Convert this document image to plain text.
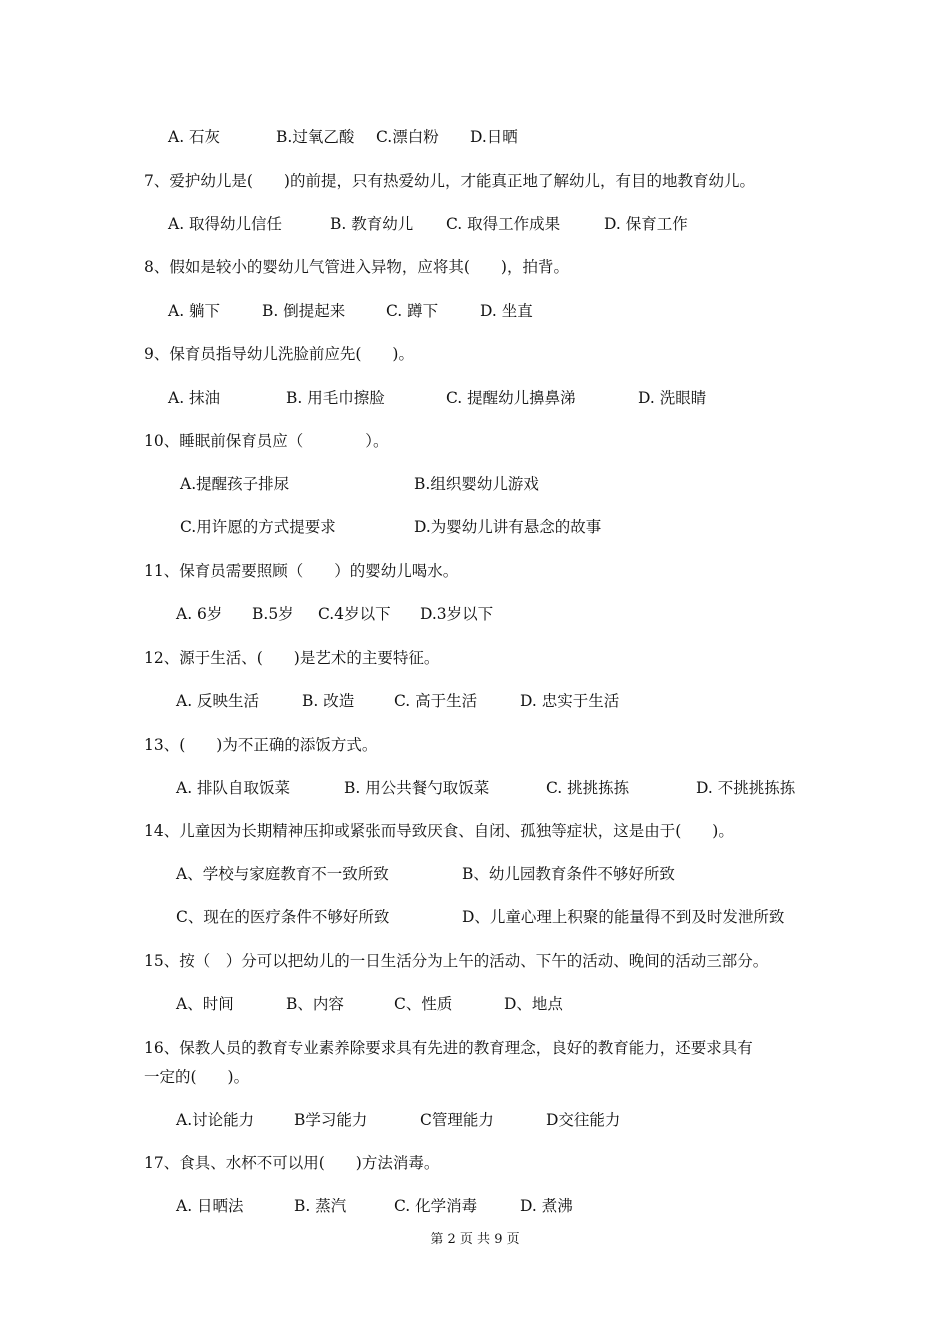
A. 石灰	B.过氧乙酸 C.漂白粉 D.日晒
7、爱护幼儿是(　　)的前提，只有热爱幼儿，才能真正地了解幼儿，有目的地教育幼儿。
A. 取得幼儿信任	B. 教育幼儿 C. 取得工作成果	D. 保育工作
8、假如是较小的婴幼儿气管进入异物，应将其(　　)，拍背。
A. 躺下	B. 倒提起来	C. 蹲下	D. 坐直
9、保育员指导幼儿洗脸前应先(　　)。
A. 抹油	B. 用毛巾擦脸	C. 提醒幼儿擤鼻涕	D. 洗眼睛
10、睡眠前保育员应（　　　　）。
A.提醒孩子排尿	B.组织婴幼儿游戏
C.用许愿的方式提要求	D.为婴幼儿讲有悬念的故事
11、保育员需要照顾（　　）的婴幼儿喝水。
A. 6岁 B.5岁 C.4岁以下 D.3岁以下
12、源于生活、(　　)是艺术的主要特征。
A. 反映生活	B. 改造	C. 高于生活	D. 忠实于生活
13、(　　)为不正确的添饭方式。
A. 排队自取饭菜	B. 用公共餐勺取饭菜	C. 挑挑拣拣	D. 不挑挑拣拣
14、儿童因为长期精神压抑或紧张而导致厌食、自闭、孤独等症状，这是由于(　　)。
A、学校与家庭教育不一致所致	B、幼儿园教育条件不够好所致
C、现在的医疗条件不够好所致	D、儿童心理上积聚的能量得不到及时发泄所致
15、按（　）分可以把幼儿的一日生活分为上午的活动、下午的活动、晚间的活动三部分。
A、时间	B、内容	C、性质	D、地点
16、保教人员的教育专业素养除要求具有先进的教育理念，良好的教育能力，还要求具有
一定的(　　)。
A.讨论能力	B学习能力	C管理能力	D交往能力
17、食具、水杯不可以用(　　)方法消毒。
A. 日晒法	B. 蒸汽	C. 化学消毒	D. 煮沸
第 2 页 共 9 页
